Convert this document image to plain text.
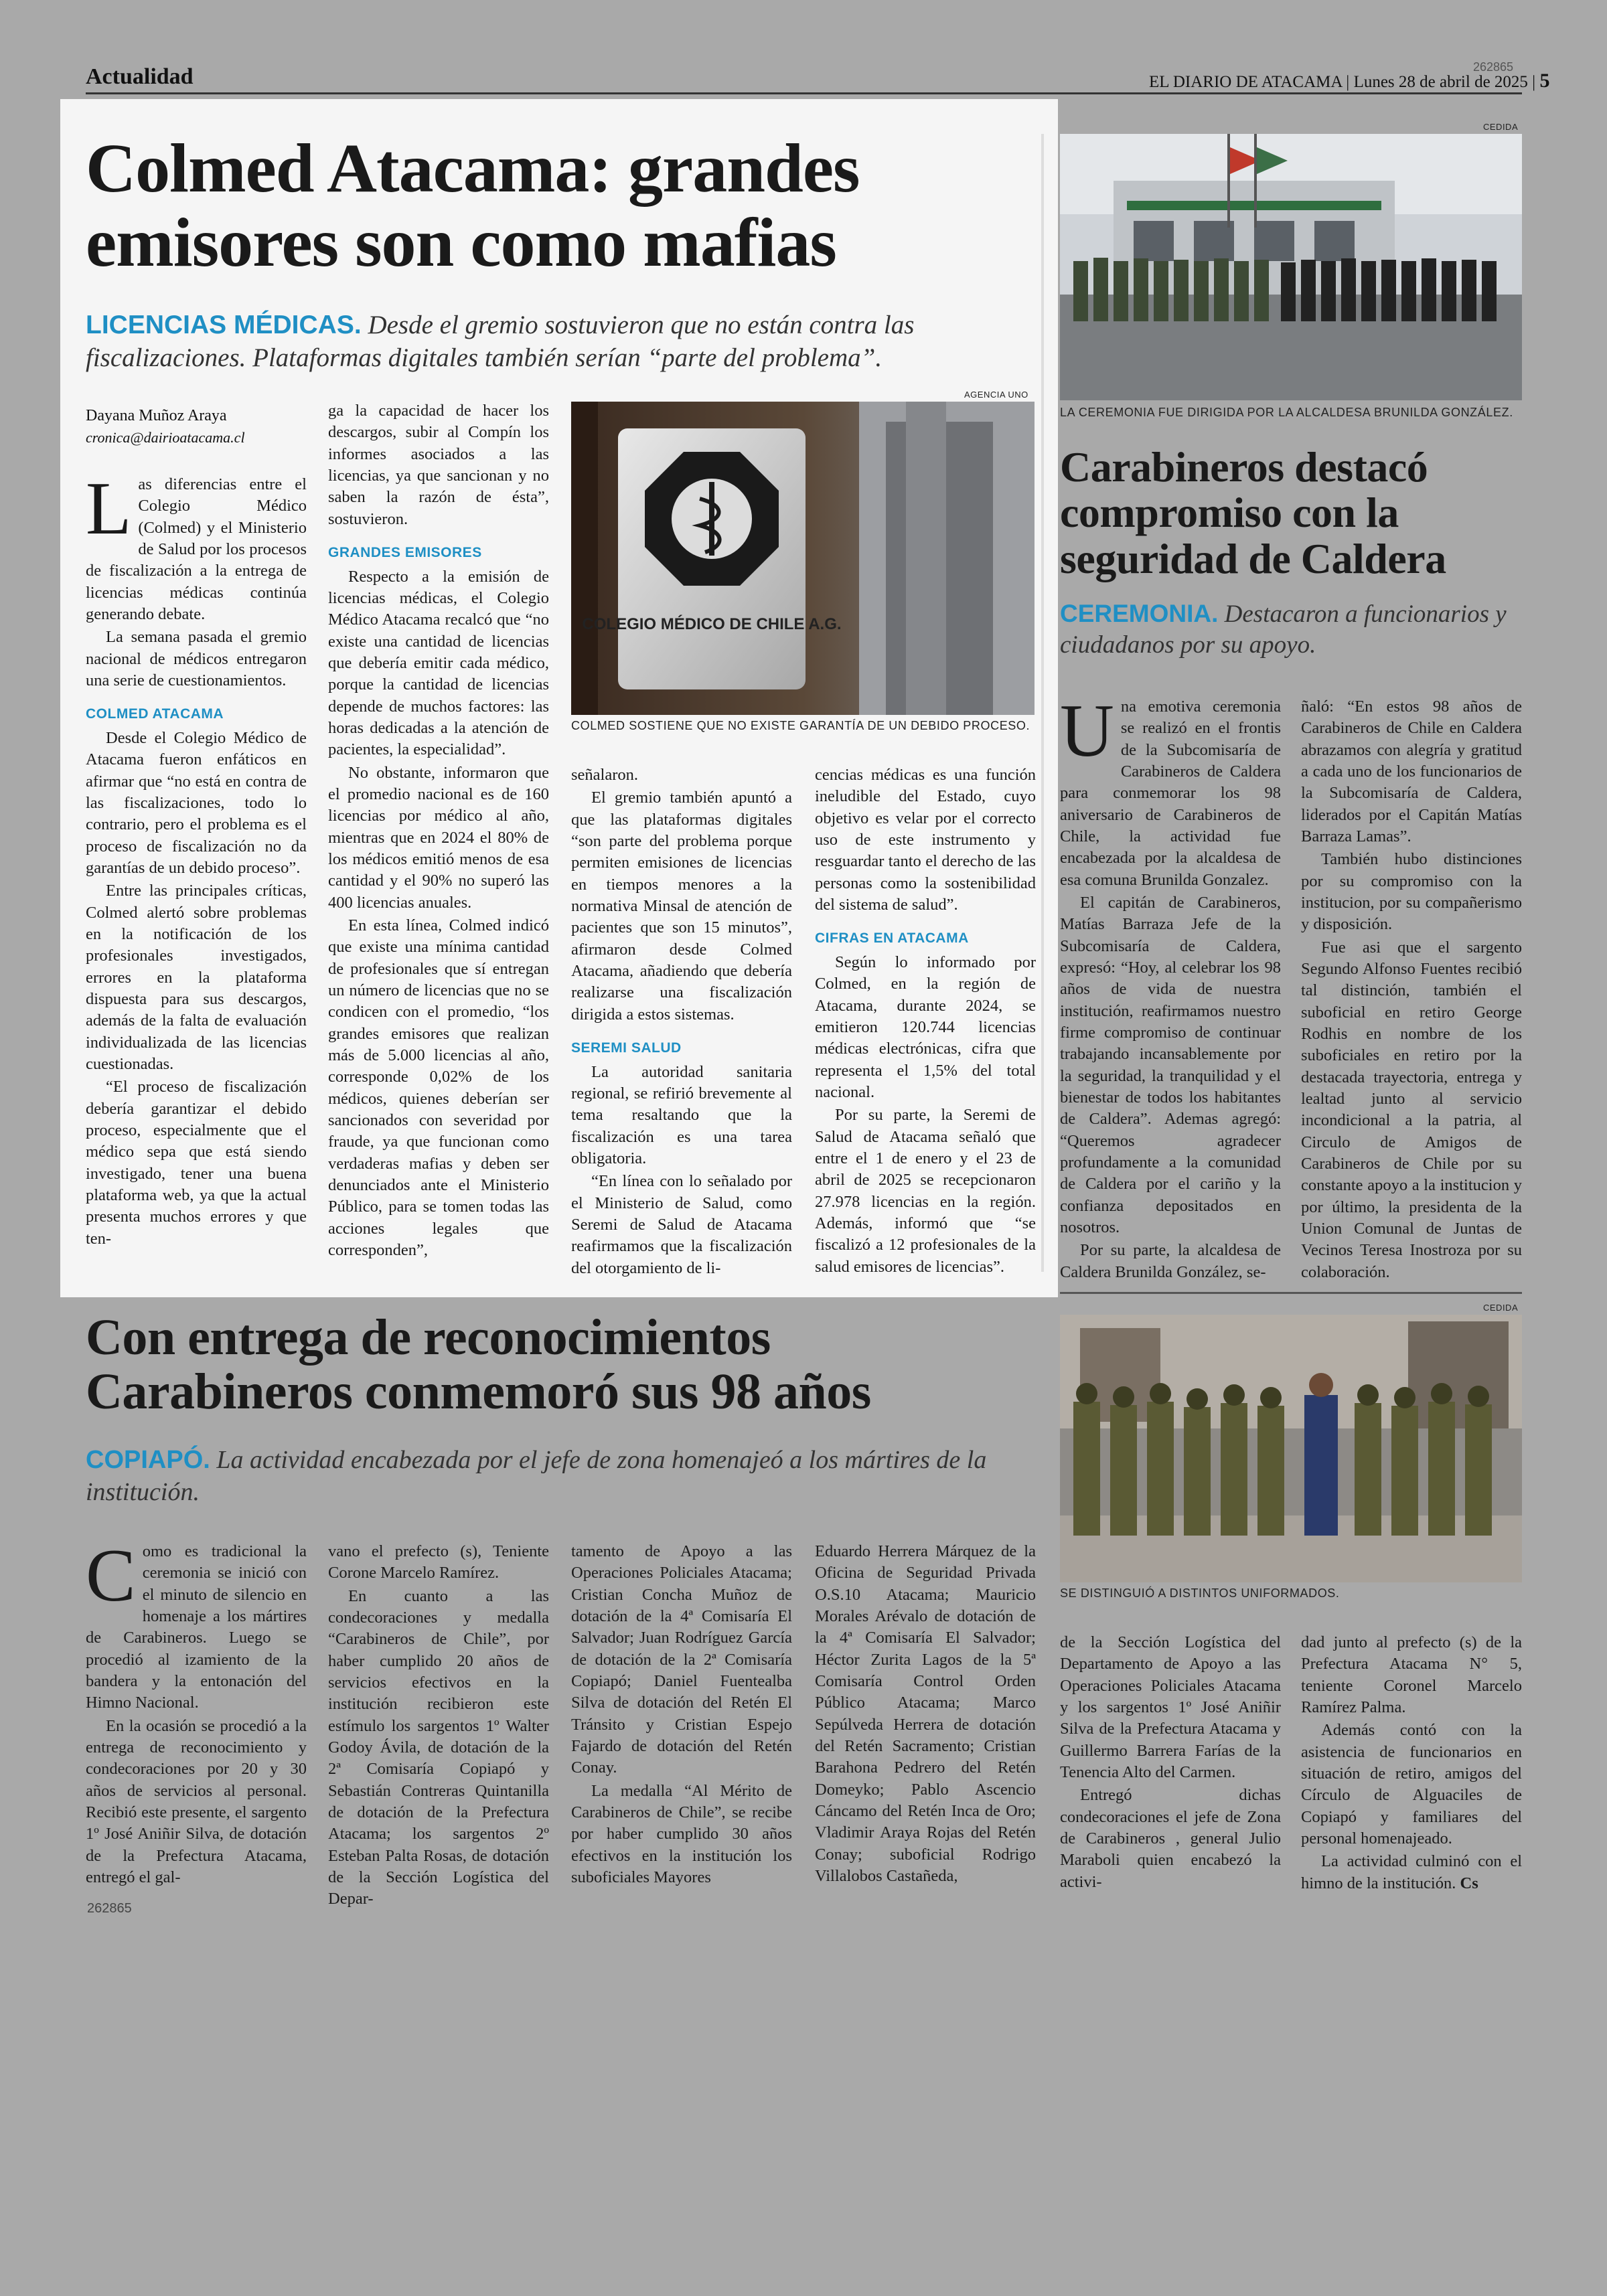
Actualidad	EL DIARIO DE ATACAMA | Lunes 28 de abril de 2025 | 5
262865
Colmed Atacama: grandes emisores son como mafias
LICENCIAS MÉDICAS. Desde el gremio sostuvieron que no están contra las fiscalizaciones. Plataformas digitales también serían “parte del problema”.
Dayana Muñoz Araya
cronica@dairioatacama.cl

Las diferencias entre el Colegio Médico (Colmed) y el Ministerio de Salud por los procesos de fiscalización a la entrega de licencias médicas continúa generando debate.

La semana pasada el gremio nacional de médicos entregaron una serie de cuestionamientos.

COLMED ATACAMA

Desde el Colegio Médico de Atacama fueron enfáticos en afirmar que “no está en contra de las fiscalizaciones, todo lo contrario, pero el problema es el proceso de fiscalización no da garantías de un debido proceso”.

Entre las principales críticas, Colmed alertó sobre problemas en la notificación de los profesionales investigados, errores en la plataforma dispuesta para sus descargos, además de la falta de evaluación individualizada de las licencias cuestionadas.

“El proceso de fiscalización debería garantizar el debido proceso, especialmente que el médico sepa que está siendo investigado, tener una buena plataforma web, ya que la actual presenta muchos errores y que ten-

ga la capacidad de hacer los descargos, subir al Compín los informes asociados a las licencias, ya que sancionan y no saben la razón de ésta”, sostuvieron.

GRANDES EMISORES

Respecto a la emisión de licencias médicas, el Colegio Médico Atacama recalcó que “no existe una cantidad de licencias que debería emitir cada médico, porque la cantidad de licencias depende de muchos factores: las horas dedicadas a la atención de pacientes, la especialidad”.

No obstante, informaron que el promedio nacional es de 160 licencias por médico al año, mientras que en 2024 el 80% de los médicos emitió menos de esa cantidad y el 90% no superó las 400 licencias anuales.

En esta línea, Colmed indicó que existe una mínima cantidad de profesionales que sí entregan un número de licencias que no se condicen con el promedio, “los grandes emisores que realizan más de 5.000 licencias al año, corresponde 0,02% de los médicos, quienes deberían ser sancionados con severidad por fraude, ya que funcionan como verdaderas mafias y deben ser denunciados ante el Ministerio Público, para se tomen todas las acciones legales que corresponden”,

AGENCIA UNO
COLEGIO MÉDICO DE CHILE A.G.
COLMED SOSTIENE QUE NO EXISTE GARANTÍA DE UN DEBIDO PROCESO.

señalaron.

El gremio también apuntó a que las plataformas digitales “son parte del problema porque permiten emisiones de licencias en tiempos menores a la normativa Minsal de atención de pacientes que son 15 minutos”, afirmaron desde Colmed Atacama, añadiendo que debería realizarse una fiscalización dirigida a estos sistemas.

SEREMI SALUD

La autoridad sanitaria regional, se refirió brevemente al tema resaltando que la fiscalización es una tarea obligatoria.

“En línea con lo señalado por el Ministerio de Salud, como Seremi de Salud de Atacama reafirmamos que la fiscalización del otorgamiento de li-

cencias médicas es una función ineludible del Estado, cuyo objetivo es velar por el correcto uso de este instrumento y resguardar tanto el derecho de las personas como la sostenibilidad del sistema de salud”.

CIFRAS EN ATACAMA

Según lo informado por Colmed, en la región de Atacama, durante 2024, se emitieron 120.744 licencias médicas electrónicas, cifra que representa el 1,5% del total nacional.

Por su parte, la Seremi de Salud de Atacama señaló que entre el 1 de enero y el 23 de abril de 2025 se recepcionaron 27.978 licencias en la región. Además, informó que “se fiscalizó a 12 profesionales de la salud emisores de licencias”.

CEDIDA
LA CEREMONIA FUE DIRIGIDA POR LA ALCALDESA BRUNILDA GONZÁLEZ.
Carabineros destacó compromiso con la seguridad de Caldera
CEREMONIA. Destacaron a funcionarios y ciudadanos por su apoyo.

Una emotiva ceremonia se realizó en el frontis de la Subcomisaría de Carabineros de Caldera para conmemorar los 98 aniversario de Carabineros de Chile, la actividad fue encabezada por la alcaldesa de esa comuna Brunilda Gonzalez.

El capitán de Carabineros, Matías Barraza Jefe de la Subcomisaría de Caldera, expresó: “Hoy, al celebrar los 98 años de vida de nuestra institución, reafirmamos nuestro firme compromiso de continuar trabajando incansablemente por la seguridad, la tranquilidad y el bienestar de todos los habitantes de Caldera”. Ademas agregó: “Queremos agradecer profundamente a la comunidad de Caldera por el cariño y la confianza depositados en nosotros.

Por su parte, la alcaldesa de Caldera Brunilda González, se-

ñaló: “En estos 98 años de Carabineros de Chile en Caldera abrazamos con alegría y gratitud a cada uno de los funcionarios de la Subcomisaría de Caldera, liderados por el Capitán Matías Barraza Lamas”.

También hubo distinciones por su compromiso con la institucion, por su compañerismo y disposición.

Fue asi que el sargento Segundo Alfonso Fuentes recibió tal distinción, también el suboficial en retiro George Rodhis en nombre de los suboficiales en retiro por la destacada trayectoria, entrega y lealtad junto al servicio incondicional a la patria, al Circulo de Amigos de Carabineros de Chile por su constante apoyo a la institucion y por último, la presidenta de la Union Comunal de Juntas de Vecinos Teresa Inostroza por su colaboración.

CEDIDA
Con entrega de reconocimientos Carabineros conmemoró sus 98 años
COPIAPÓ. La actividad encabezada por el jefe de zona homenajeó a los mártires de la institución.
SE DISTINGUIÓ A DISTINTOS UNIFORMADOS.

Como es tradicional la ceremonia se inició con el minuto de silencio en homenaje a los mártires de Carabineros. Luego se procedió al izamiento de la bandera y la entonación del Himno Nacional.

En la ocasión se procedió a la entrega de reconocimiento y condecoraciones por 20 y 30 años de servicios al personal. Recibió este presente, el sargento 1º José Aniñir Silva, de dotación de la Prefectura Atacama, entregó el gal-

vano el prefecto (s), Teniente Corone Marcelo Ramírez.

En cuanto a las condecoraciones y medalla “Carabineros de Chile”, por haber cumplido 20 años de servicios efectivos en la institución recibieron este estímulo los sargentos 1º Walter Godoy Ávila, de dotación de la 2ª Comisaría Copiapó y Sebastián Contreras Quintanilla de dotación de la Prefectura Atacama; los sargentos 2º Esteban Palta Rosas, de dotación de la Sección Logística del Depar-

tamento de Apoyo a las Operaciones Policiales Atacama; Cristian Concha Muñoz de dotación de la 4ª Comisaría El Salvador; Juan Rodríguez García de dotación de la 2ª Comisaría Copiapó; Daniel Fuentealba Silva de dotación del Retén El Tránsito y Cristian Espejo Fajardo de dotación del Retén Conay.

La medalla “Al Mérito de Carabineros de Chile”, se recibe por haber cumplido 30 años efectivos en la institución los suboficiales Mayores

Eduardo Herrera Márquez de la Oficina de Seguridad Privada O.S.10 Atacama; Mauricio Morales Arévalo de dotación de la 4ª Comisaría El Salvador; Héctor Zurita Lagos de la 5ª Comisaría Control Orden Público Atacama; Marco Sepúlveda Herrera de dotación del Retén Sacramento; Cristian Barahona Pedrero del Retén Domeyko; Pablo Ascencio Cáncamo del Retén Inca de Oro; Vladimir Araya Rojas del Retén Conay; suboficial Rodrigo Villalobos Castañeda,

de la Sección Logística del Departamento de Apoyo a las Operaciones Policiales Atacama y los sargentos 1º José Aniñir Silva de la Prefectura Atacama y Guillermo Barrera Farías de la Tenencia Alto del Carmen.

Entregó dichas condecoraciones el jefe de Zona de Carabineros , general Julio Maraboli quien encabezó la activi-

dad junto al prefecto (s) de la Prefectura Atacama N° 5, teniente Coronel Marcelo Ramírez Palma.

Además contó con la asistencia de funcionarios en situación de retiro, amigos del Círculo de Alguaciles de Copiapó y familiares del personal homenajeado.

La actividad culminó con el himno de la institución. Cs

262865
